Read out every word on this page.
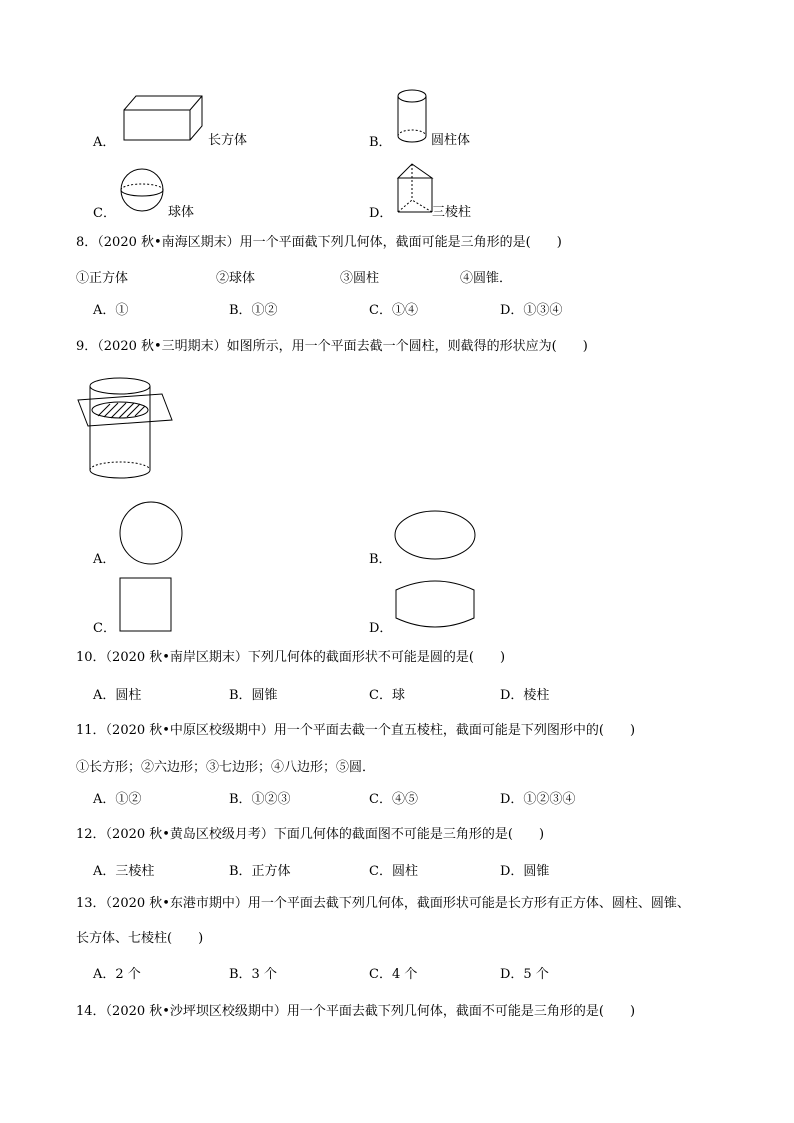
A．	长方体	B．	圆柱体
C．	球体	D．	三棱柱
8．（2020 秋•南海区期末）用一个平面截下列几何体，截面可能是三角形的是(　　)
①正方体	②球体	③圆柱	④圆锥．
A．①	B．①②	C．①④	D．①③④
9．（2020 秋•三明期末）如图所示，用一个平面去截一个圆柱，则截得的形状应为(　　)
A．	B．
C．	D．
10．（2020 秋•南岸区期末）下列几何体的截面形状不可能是圆的是(　　)
A．圆柱	B．圆锥	C．球	D．棱柱
11．（2020 秋•中原区校级期中）用一个平面去截一个直五棱柱，截面可能是下列图形中的(　　)
①长方形；②六边形；③七边形；④八边形；⑤圆．
A．①②	B．①②③	C．④⑤	D．①②③④
12．（2020 秋•黄岛区校级月考）下面几何体的截面图不可能是三角形的是(　　)
A．三棱柱	B．正方体	C．圆柱	D．圆锥
13．（2020 秋•东港市期中）用一个平面去截下列几何体，截面形状可能是长方形有正方体、圆柱、圆锥、
长方体、七棱柱(　　)
A．2 个	B．3 个	C．4 个	D．5 个
14．（2020 秋•沙坪坝区校级期中）用一个平面去截下列几何体，截面不可能是三角形的是(　　)
